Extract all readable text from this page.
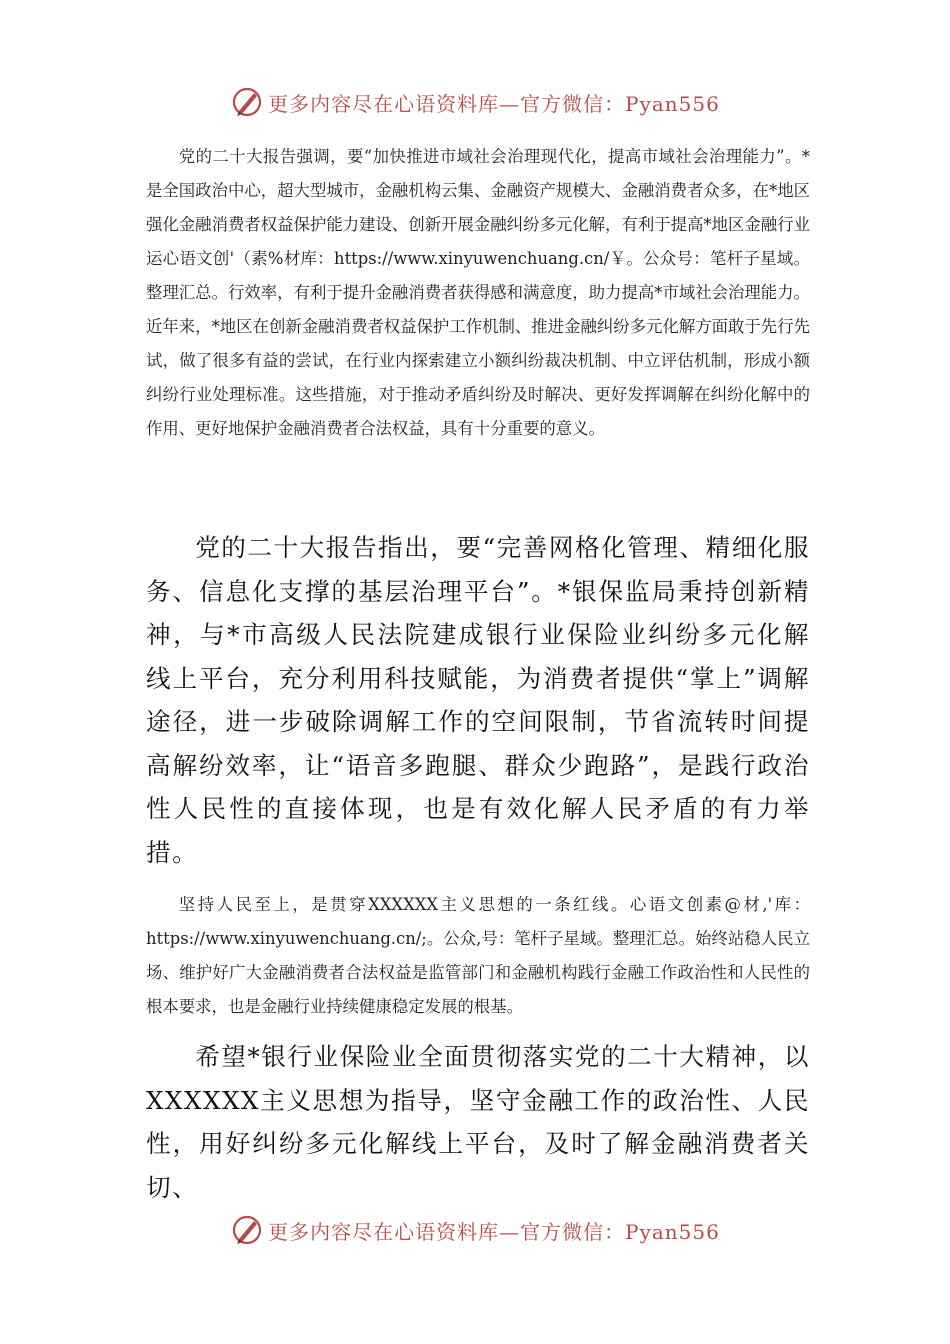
更多内容尽在心语资料库—官方微信：Pyan556

党的二十大报告强调，要“加快推进市域社会治理现代化，提高市域社会治理能力”。*是全国政治中心，超大型城市，金融机构云集、金融资产规模大、金融消费者众多，在*地区强化金融消费者权益保护能力建设、创新开展金融纠纷多元化解，有利于提高*地区金融行业运心语文创'（素%材库：https://www.xinyuwenchuang.cn/￥。公众号：笔杆子星域。整理汇总。行效率，有利于提升金融消费者获得感和满意度，助力提高*市域社会治理能力。近年来，*地区在创新金融消费者权益保护工作机制、推进金融纠纷多元化解方面敢于先行先试，做了很多有益的尝试，在行业内探索建立小额纠纷裁决机制、中立评估机制，形成小额纠纷行业处理标准。这些措施，对于推动矛盾纠纷及时解决、更好发挥调解在纠纷化解中的作用、更好地保护金融消费者合法权益，具有十分重要的意义。

党的二十大报告指出，要“完善网格化管理、精细化服务、信息化支撑的基层治理平台”。*银保监局秉持创新精神，与*市高级人民法院建成银行业保险业纠纷多元化解线上平台，充分利用科技赋能，为消费者提供“掌上”调解途径，进一步破除调解工作的空间限制，节省流转时间提高解纷效率，让“语音多跑腿、群众少跑路”，是践行政治性人民性的直接体现，也是有效化解人民矛盾的有力举措。

坚持人民至上，是贯穿XXXXXX主义思想的一条红线。心语文创素@材,'库：https://www.xinyuwenchuang.cn/;。公众,号：笔杆子星域。整理汇总。始终站稳人民立场、维护好广大金融消费者合法权益是监管部门和金融机构践行金融工作政治性和人民性的根本要求，也是金融行业持续健康稳定发展的根基。

希望*银行业保险业全面贯彻落实党的二十大精神，以XXXXXX主义思想为指导，坚守金融工作的政治性、人民性，用好纠纷多元化解线上平台，及时了解金融消费者关切、

更多内容尽在心语资料库—官方微信：Pyan556
